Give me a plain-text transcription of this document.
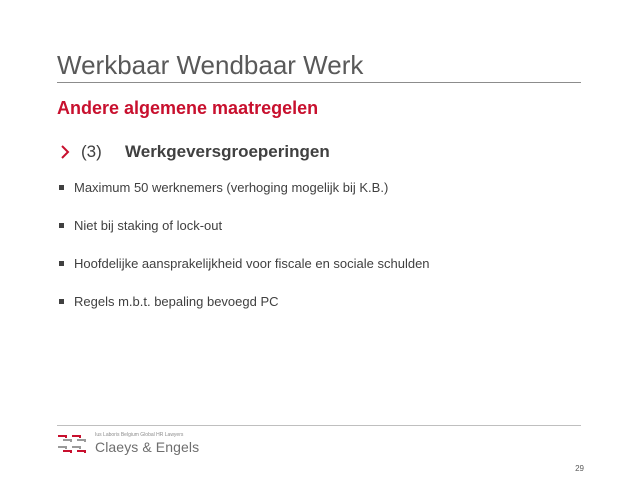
Werkbaar Wendbaar Werk
Andere algemene maatregelen
(3)	Werkgeversgroeperingen
Maximum 50 werknemers (verhoging mogelijk bij K.B.)
Niet bij staking of lock-out
Hoofdelijke aansprakelijkheid voor fiscale en sociale schulden
Regels m.b.t. bepaling bevoegd PC
Ius Laboris Belgium Global HR Lawyers
Claeys & Engels
29
